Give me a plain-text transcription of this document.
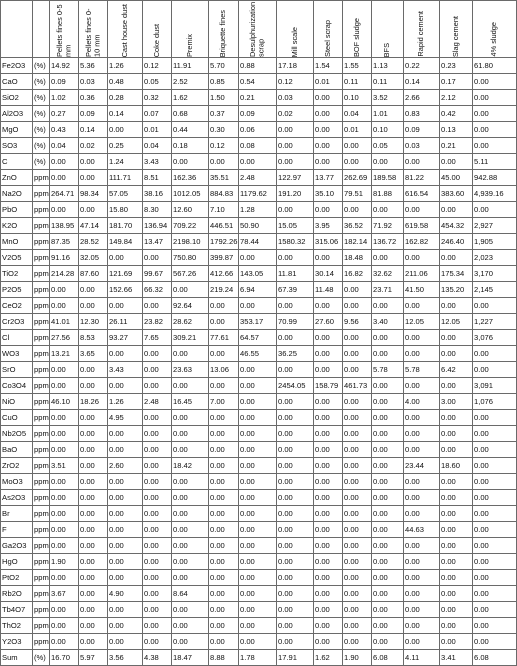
		Pellets fines 0-5 mm	Pellets fines 0-10 mm	Cast house dust	Coke dust	Premix	Briquette fines	Desulphurization scrap	Mill scale	Steel scrap	BOF sludge	BFS	Rapid cement	Slag cement	4% sludge

Fe2O3	(%)	14.92	5.36	1.26	0.12	11.91	5.70	0.88	17.18	1.54	1.55	1.13	0.22	0.23	61.80
CaO	(%)	0.09	0.03	0.48	0.05	2.52	0.85	0.54	0.12	0.01	0.11	0.11	0.14	0.17	0.00
SiO2	(%)	1.02	0.36	0.28	0.32	1.62	1.50	0.21	0.03	0.00	0.10	3.52	2.66	2.12	0.00
Al2O3	(%)	0.27	0.09	0.14	0.07	0.68	0.37	0.09	0.02	0.00	0.04	1.01	0.83	0.42	0.00
MgO	(%)	0.43	0.14	0.00	0.01	0.44	0.30	0.06	0.00	0.00	0.01	0.10	0.09	0.13	0.00
SO3	(%)	0.04	0.02	0.25	0.04	0.18	0.12	0.08	0.00	0.00	0.00	0.05	0.03	0.21	0.00
C	(%)	0.00	0.00	1.24	3.43	0.00	0.00	0.00	0.00	0.00	0.00	0.00	0.00	0.00	5.11
ZnO	ppm	0.00	0.00	111.71	8.51	162.36	35.51	2.48	122.97	13.77	262.69	189.58	81.22	45.00	942.88
Na2O	ppm	264.71	98.34	57.05	38.16	1012.05	884.83	1179.62	191.20	35.10	79.51	81.88	616.54	383.60	4,939.16
PbO	ppm	0.00	0.00	15.80	8.30	12.60	7.10	1.28	0.00	0.00	0.00	0.00	0.00	0.00	0.00
K2O	ppm	138.95	47.14	181.70	136.94	709.22	446.51	50.90	15.05	3.95	36.52	71.92	619.58	454.32	2,927
MnO	ppm	87.35	28.52	149.84	13.47	2198.10	1792.26	78.44	1580.32	315.06	182.14	136.72	162.82	246.40	1,905
V2O5	ppm	91.16	32.05	0.00	0.00	750.80	399.87	0.00	0.00	0.00	18.48	0.00	0.00	0.00	2,023
TiO2	ppm	214.28	87.60	121.69	99.67	567.26	412.66	143.05	11.81	30.14	16.82	32.62	211.06	175.34	3,170
P2O5	ppm	0.00	0.00	152.66	66.32	0.00	219.24	6.94	67.39	11.48	0.00	23.71	41.50	135.20	2,145
CeO2	ppm	0.00	0.00	0.00	0.00	92.64	0.00	0.00	0.00	0.00	0.00	0.00	0.00	0.00	0.00
Cr2O3	ppm	41.01	12.30	26.11	23.82	28.62	0.00	353.17	70.99	27.60	9.56	3.40	12.05	12.05	1,227
Cl	ppm	27.56	8.53	93.27	7.65	309.21	77.61	64.57	0.00	0.00	0.00	0.00	0.00	0.00	3,076
WO3	ppm	13.21	3.65	0.00	0.00	0.00	0.00	46.55	36.25	0.00	0.00	0.00	0.00	0.00	0.00
SrO	ppm	0.00	0.00	3.43	0.00	23.63	13.06	0.00	0.00	0.00	0.00	5.78	5.78	6.42	0.00
Co3O4	ppm	0.00	0.00	0.00	0.00	0.00	0.00	0.00	2454.05	158.79	461.73	0.00	0.00	0.00	3,091
NiO	ppm	46.10	18.26	1.26	2.48	16.45	7.00	0.00	0.00	0.00	0.00	0.00	4.00	3.00	1,076
CuO	ppm	0.00	0.00	4.95	0.00	0.00	0.00	0.00	0.00	0.00	0.00	0.00	0.00	0.00	0.00
Nb2O5	ppm	0.00	0.00	0.00	0.00	0.00	0.00	0.00	0.00	0.00	0.00	0.00	0.00	0.00	0.00
BaO	ppm	0.00	0.00	0.00	0.00	0.00	0.00	0.00	0.00	0.00	0.00	0.00	0.00	0.00	0.00
ZrO2	ppm	3.51	0.00	2.60	0.00	18.42	0.00	0.00	0.00	0.00	0.00	0.00	23.44	18.60	0.00
MoO3	ppm	0.00	0.00	0.00	0.00	0.00	0.00	0.00	0.00	0.00	0.00	0.00	0.00	0.00	0.00
As2O3	ppm	0.00	0.00	0.00	0.00	0.00	0.00	0.00	0.00	0.00	0.00	0.00	0.00	0.00	0.00
Br	ppm	0.00	0.00	0.00	0.00	0.00	0.00	0.00	0.00	0.00	0.00	0.00	0.00	0.00	0.00
F	ppm	0.00	0.00	0.00	0.00	0.00	0.00	0.00	0.00	0.00	0.00	0.00	44.63	0.00	0.00
Ga2O3	ppm	0.00	0.00	0.00	0.00	0.00	0.00	0.00	0.00	0.00	0.00	0.00	0.00	0.00	0.00
HgO	ppm	1.90	0.00	0.00	0.00	0.00	0.00	0.00	0.00	0.00	0.00	0.00	0.00	0.00	0.00
PtO2	ppm	0.00	0.00	0.00	0.00	0.00	0.00	0.00	0.00	0.00	0.00	0.00	0.00	0.00	0.00
Rb2O	ppm	3.67	0.00	4.90	0.00	8.64	0.00	0.00	0.00	0.00	0.00	0.00	0.00	0.00	0.00
Tb4O7	ppm	0.00	0.00	0.00	0.00	0.00	0.00	0.00	0.00	0.00	0.00	0.00	0.00	0.00	0.00
ThO2	ppm	0.00	0.00	0.00	0.00	0.00	0.00	0.00	0.00	0.00	0.00	0.00	0.00	0.00	0.00
Y2O3	ppm	0.00	0.00	0.00	0.00	0.00	0.00	0.00	0.00	0.00	0.00	0.00	0.00	0.00	0.00
Sum	(%)	16.70	5.97	3.56	4.38	18.47	8.88	1.78	17.91	1.62	1.90	6.08	4.11	3.41	6.08
